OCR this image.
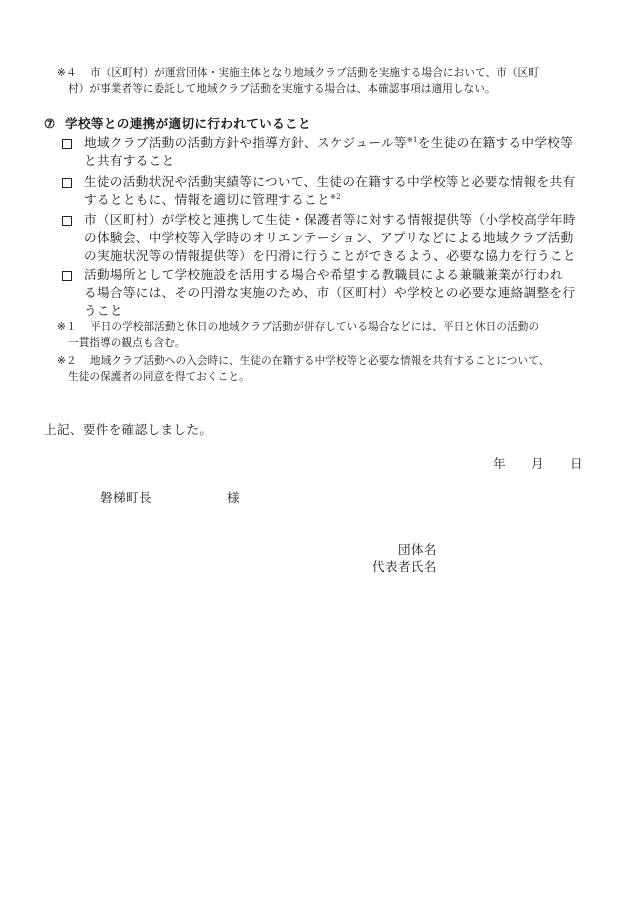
※４ 市（区町村）が運営団体・実施主体となり地域クラブ活動を実施する場合において、市（区町
村）が事業者等に委託して地域クラブ活動を実施する場合は、本確認事項は適用しない。
⑦ 学校等との連携が適切に行われていること
地域クラブ活動の活動方針や指導方針、スケジュール等$^{※1}$を生徒の在籍する中学校等
と共有すること
生徒の活動状況や活動実績等について、生徒の在籍する中学校等と必要な情報を共有
するとともに、情報を適切に管理すること$^{※2}$
市（区町村）が学校と連携して生徒・保護者等に対する情報提供等（小学校高学年時
の体験会、中学校等入学時のオリエンテーション、アプリなどによる地域クラブ活動
の実施状況等の情報提供等）を円滑に行うことができるよう、必要な協力を行うこと
活動場所として学校施設を活用する場合や希望する教職員による兼職兼業が行われ
る場合等には、その円滑な実施のため、市（区町村）や学校との必要な連絡調整を行
うこと
※１ 平日の学校部活動と休日の地域クラブ活動が併存している場合などには、平日と休日の活動の
一貫指導の観点も含む。
※２ 地域クラブ活動への入会時に、生徒の在籍する中学校等と必要な情報を共有することについて、
生徒の保護者の同意を得ておくこと。
上記、要件を確認しました。
年 月 日
磐梯町長	様
団体名
代表者氏名
